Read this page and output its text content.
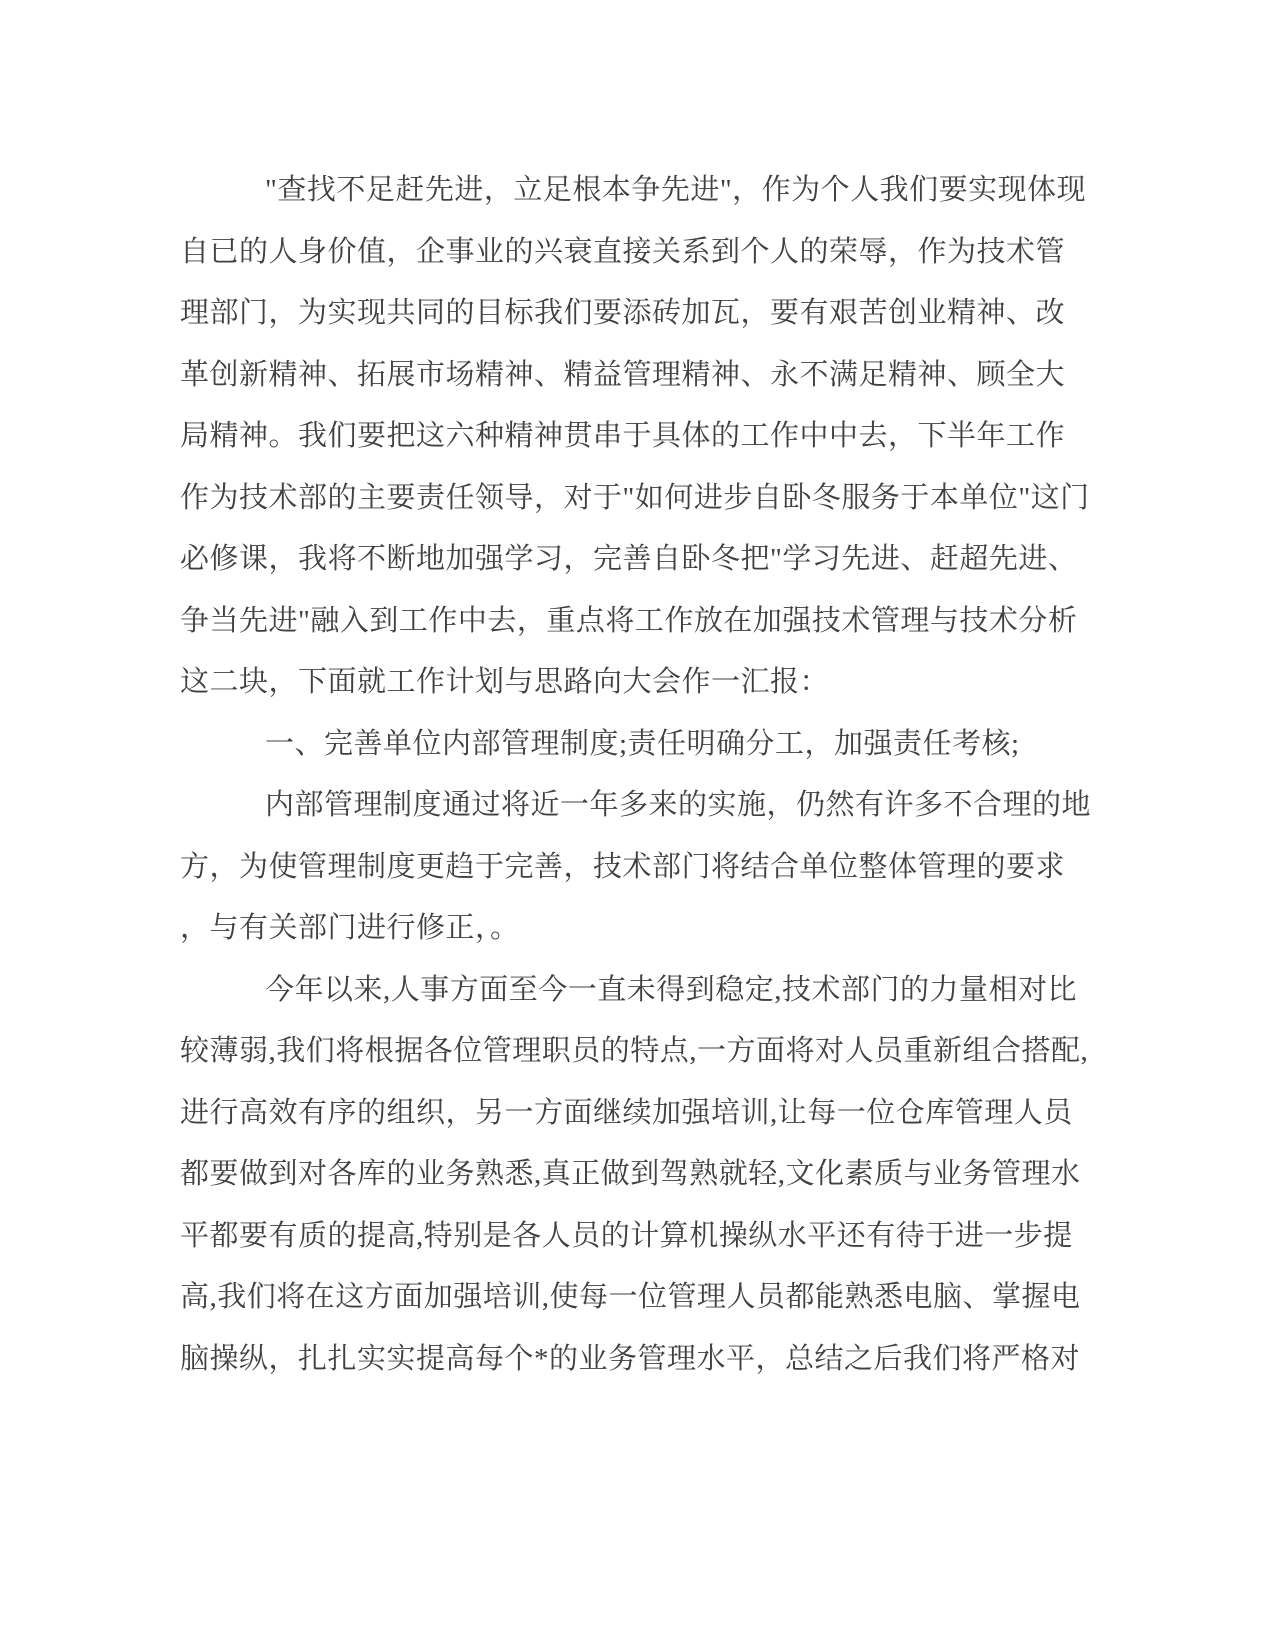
"查找不足赶先进，立足根本争先进"，作为个人我们要实现体现
自已的人身价值，企事业的兴衰直接关系到个人的荣辱，作为技术管
理部门，为实现共同的目标我们要添砖加瓦，要有艰苦创业精神、改
革创新精神、拓展市场精神、精益管理精神、永不满足精神、顾全大
局精神。我们要把这六种精神贯串于具体的工作中中去，下半年工作
作为技术部的主要责任领导，对于"如何进步自卧冬服务于本单位"这门
必修课，我将不断地加强学习，完善自卧冬把"学习先进、赶超先进、
争当先进"融入到工作中去，重点将工作放在加强技术管理与技术分析
这二块，下面就工作计划与思路向大会作一汇报：
一、完善单位内部管理制度;责任明确分工，加强责任考核;
内部管理制度通过将近一年多来的实施，仍然有许多不合理的地
方，为使管理制度更趋于完善，技术部门将结合单位整体管理的要求
，与有关部门进行修正，。
今年以来,人事方面至今一直未得到稳定,技术部门的力量相对比
较薄弱,我们将根据各位管理职员的特点,一方面将对人员重新组合搭配,
进行高效有序的组织，另一方面继续加强培训,让每一位仓库管理人员
都要做到对各库的业务熟悉,真正做到驾熟就轻,文化素质与业务管理水
平都要有质的提高,特别是各人员的计算机操纵水平还有待于进一步提
高,我们将在这方面加强培训,使每一位管理人员都能熟悉电脑、掌握电
脑操纵，扎扎实实提高每个*的业务管理水平，总结之后我们将严格对
